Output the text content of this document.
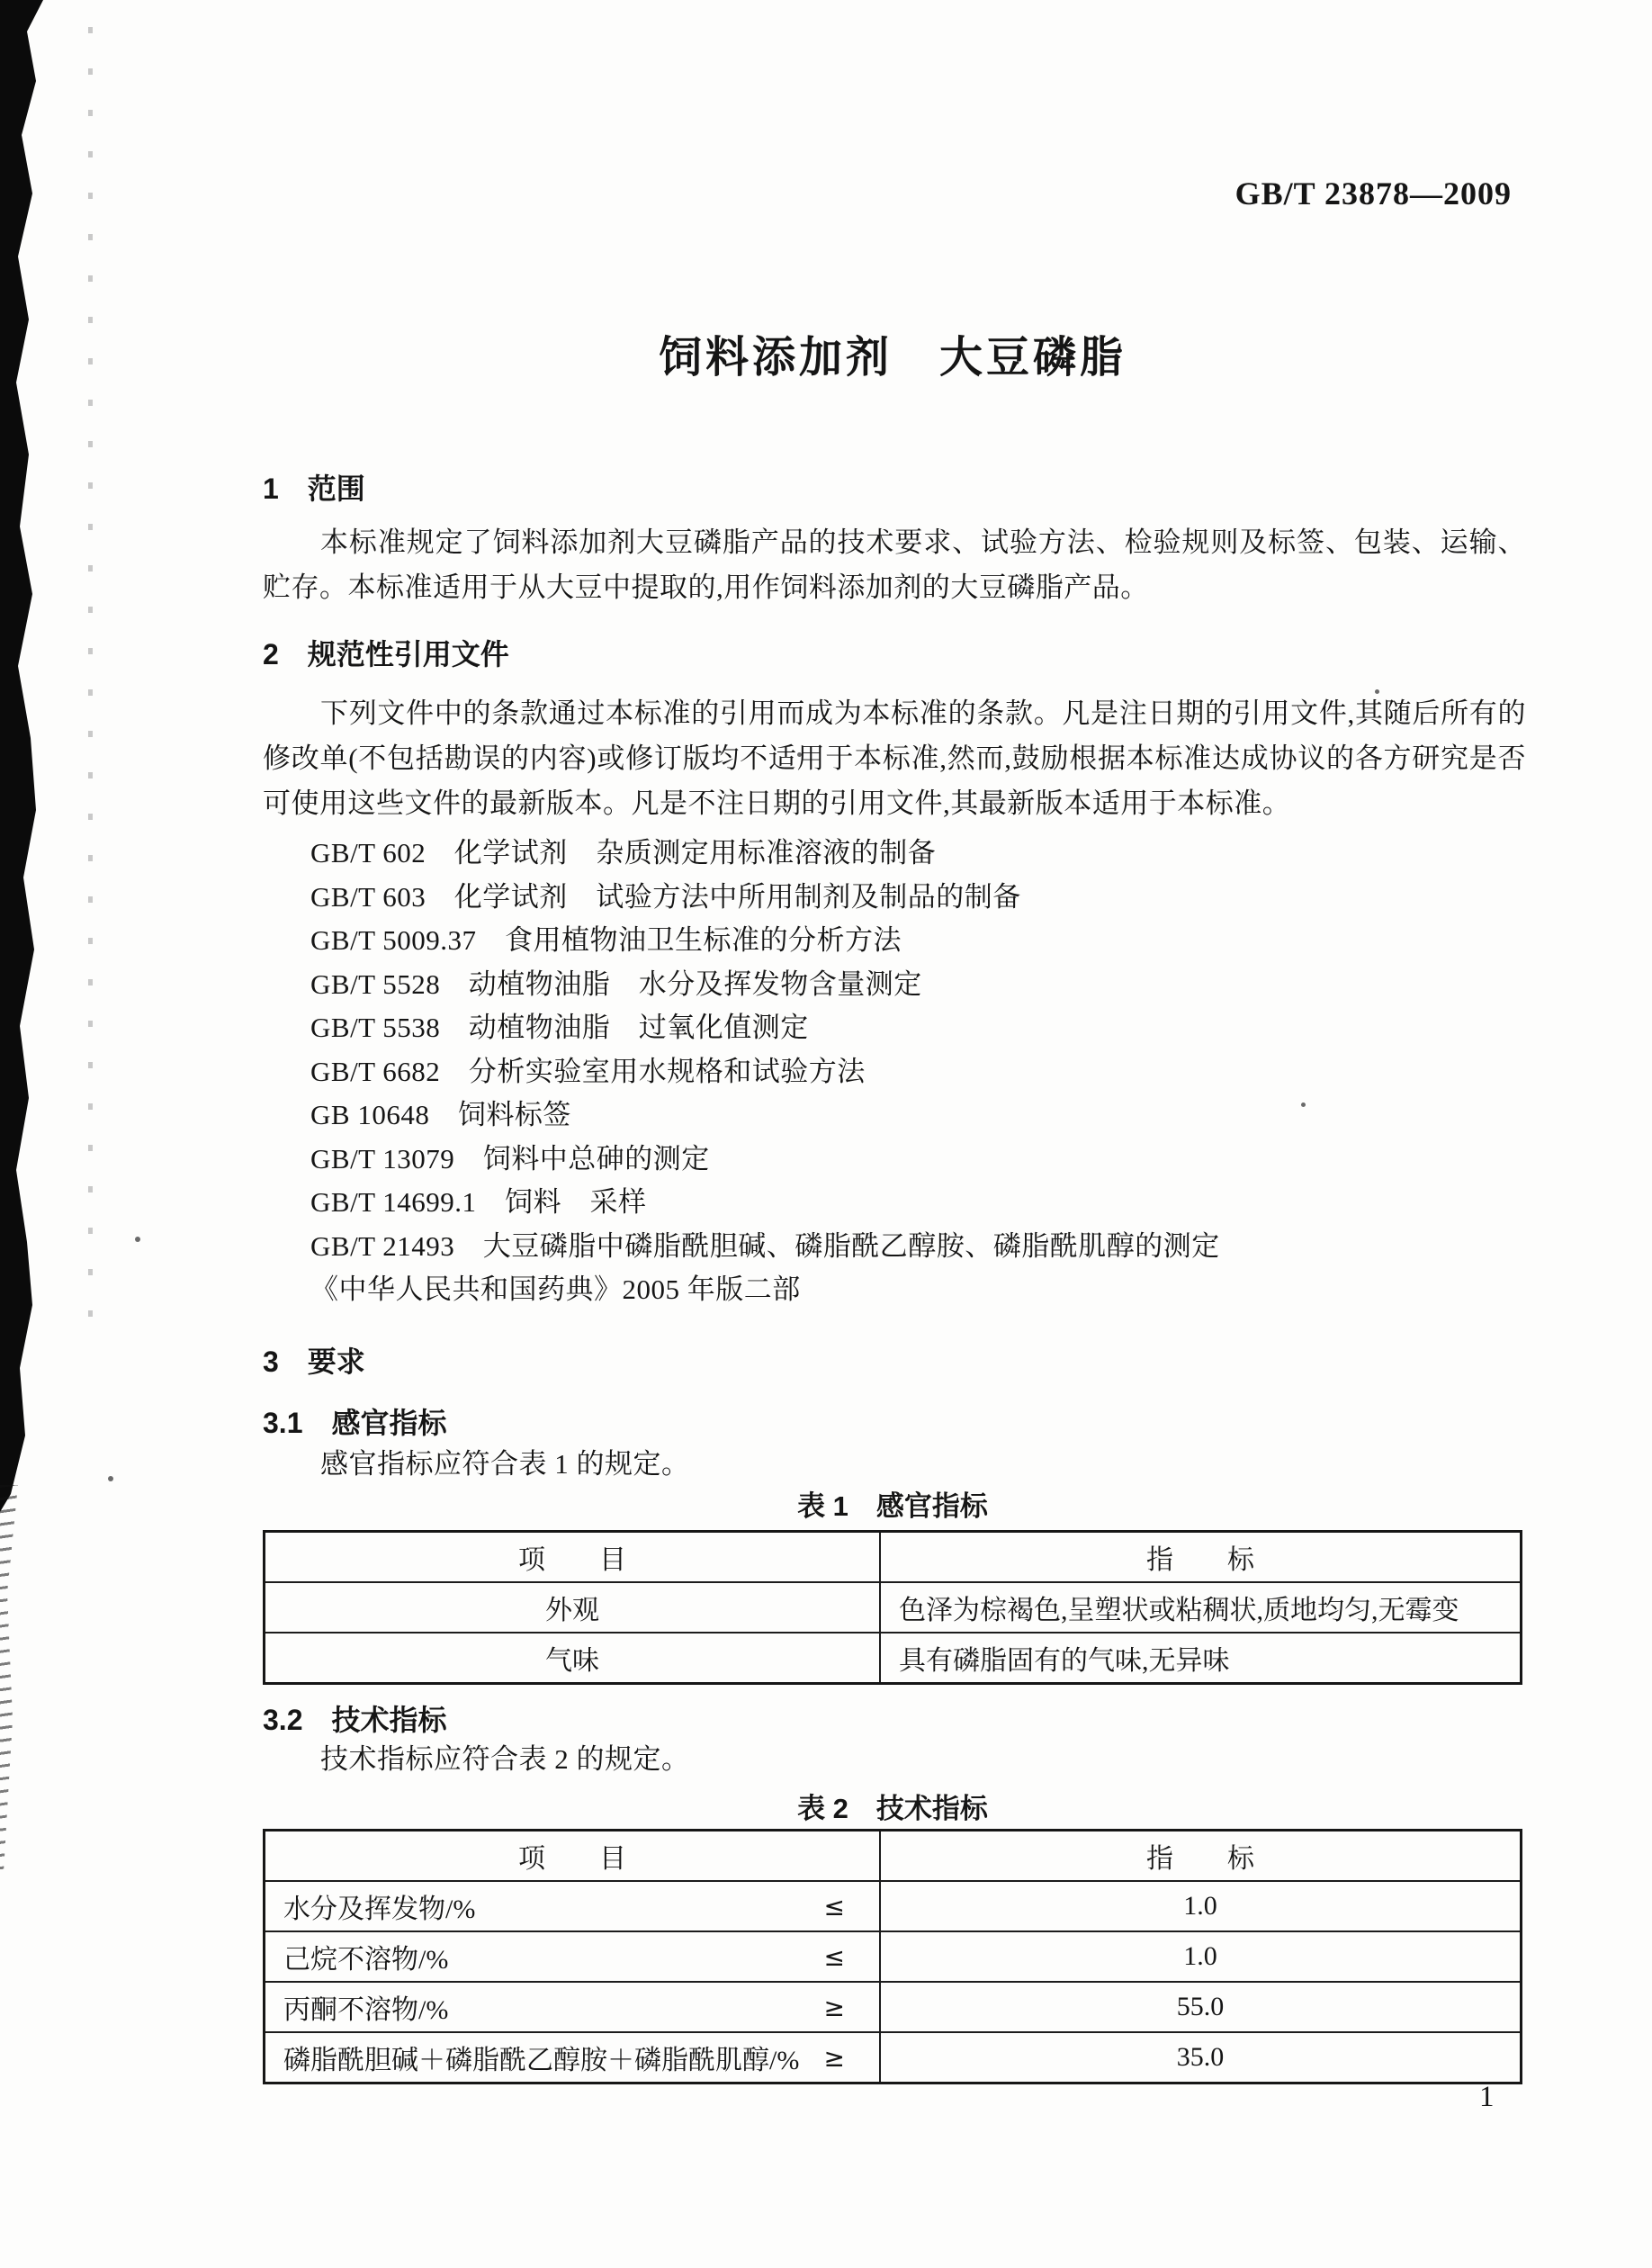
GB/T 23878—2009
饲料添加剂　大豆磷脂
1　范围
本标准规定了饲料添加剂大豆磷脂产品的技术要求、试验方法、检验规则及标签、包装、运输、贮存。本标准适用于从大豆中提取的,用作饲料添加剂的大豆磷脂产品。
2　规范性引用文件
下列文件中的条款通过本标准的引用而成为本标准的条款。凡是注日期的引用文件,其随后所有的修改单(不包括勘误的内容)或修订版均不适用于本标准,然而,鼓励根据本标准达成协议的各方研究是否可使用这些文件的最新版本。凡是不注日期的引用文件,其最新版本适用于本标准。
GB/T 602　化学试剂　杂质测定用标准溶液的制备
GB/T 603　化学试剂　试验方法中所用制剂及制品的制备
GB/T 5009.37　食用植物油卫生标准的分析方法
GB/T 5528　动植物油脂　水分及挥发物含量测定
GB/T 5538　动植物油脂　过氧化值测定
GB/T 6682　分析实验室用水规格和试验方法
GB 10648　饲料标签
GB/T 13079　饲料中总砷的测定
GB/T 14699.1　饲料　采样
GB/T 21493　大豆磷脂中磷脂酰胆碱、磷脂酰乙醇胺、磷脂酰肌醇的测定
《中华人民共和国药典》2005 年版二部
3　要求
3.1　感官指标
感官指标应符合表 1 的规定。
表 1　感官指标
项　　目	指　　标
外观	色泽为棕褐色,呈塑状或粘稠状,质地均匀,无霉变
气味	具有磷脂固有的气味,无异味
3.2　技术指标
技术指标应符合表 2 的规定。
表 2　技术指标
项　　目	指　　标

水分及挥发物/% ≤	1.0

己烷不溶物/% ≤	1.0

丙酮不溶物/% ≥	55.0

磷脂酰胆碱＋磷脂酰乙醇胺＋磷脂酰肌醇/% ≥	35.0
1
